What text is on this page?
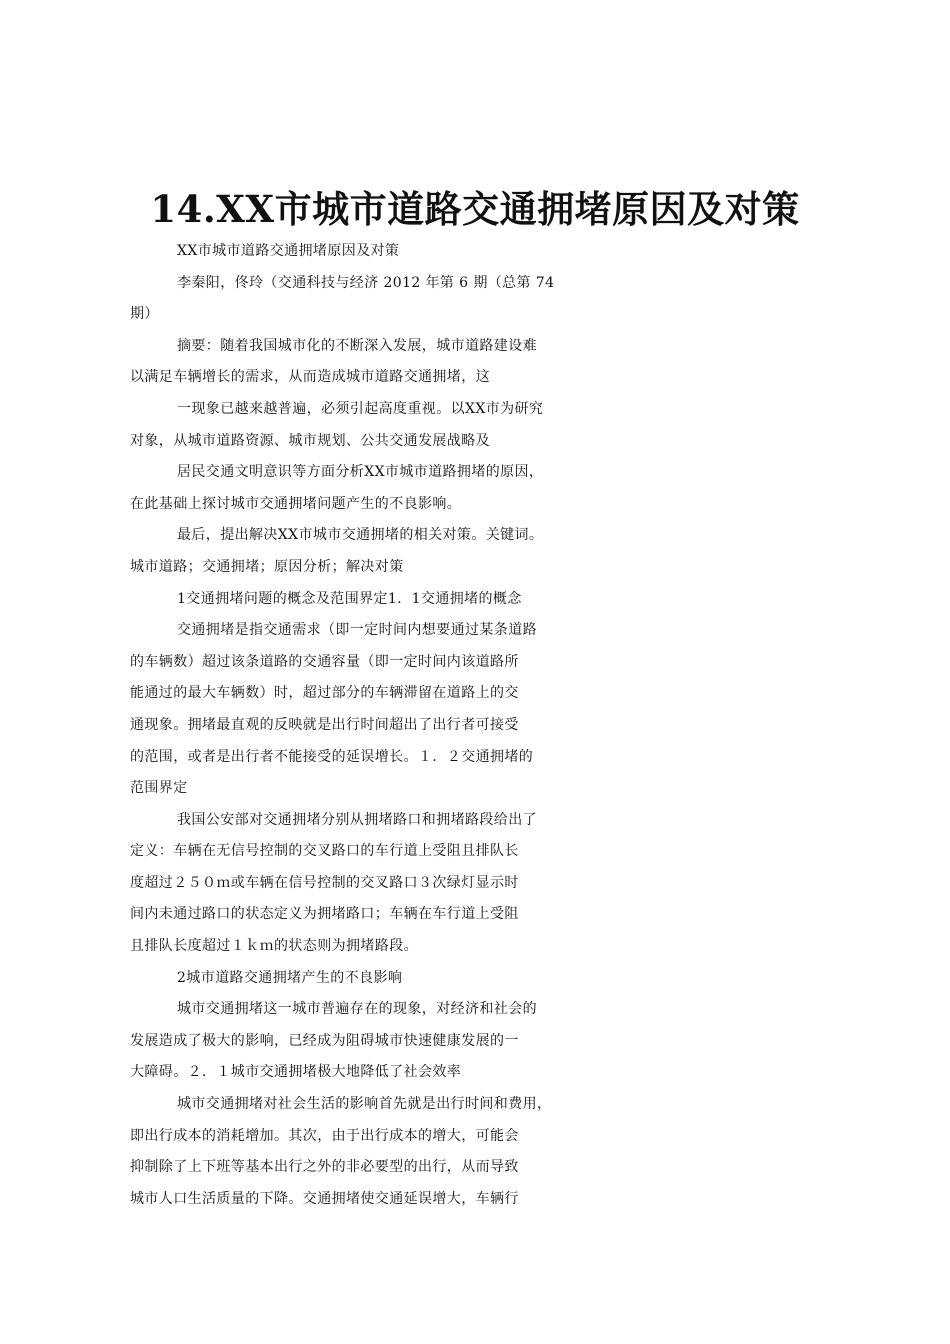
14.XX市城市道路交通拥堵原因及对策
XX市城市道路交通拥堵原因及对策
李秦阳，佟玲（交通科技与经济 2012 年第 6 期（总第 74
期）
摘要：随着我国城市化的不断深入发展，城市道路建设难
以满足车辆增长的需求，从而造成城市道路交通拥堵，这
一现象已越来越普遍，必须引起高度重视。以XX市为研究
对象，从城市道路资源、城市规划、公共交通发展战略及
居民交通文明意识等方面分析XX市城市道路拥堵的原因，
在此基础上探讨城市交通拥堵问题产生的不良影响。
最后，提出解决XX市城市交通拥堵的相关对策。关键词。
城市道路；交通拥堵；原因分析；解决对策
1交通拥堵问题的概念及范围界定1．1交通拥堵的概念
交通拥堵是指交通需求（即一定时间内想要通过某条道路
的车辆数）超过该条道路的交通容量（即一定时间内该道路所
能通过的最大车辆数）时，超过部分的车辆滞留在道路上的交
通现象。拥堵最直观的反映就是出行时间超出了出行者可接受
的范围，或者是出行者不能接受的延误增长。１．２交通拥堵的
范围界定
我国公安部对交通拥堵分别从拥堵路口和拥堵路段给出了
定义：车辆在无信号控制的交叉路口的车行道上受阻且排队长
度超过２５０ｍ或车辆在信号控制的交叉路口３次绿灯显示时
间内未通过路口的状态定义为拥堵路口；车辆在车行道上受阻
且排队长度超过１ｋｍ的状态则为拥堵路段。
2城市道路交通拥堵产生的不良影响
城市交通拥堵这一城市普遍存在的现象，对经济和社会的
发展造成了极大的影响，已经成为阻碍城市快速健康发展的一
大障碍。２．１城市交通拥堵极大地降低了社会效率
城市交通拥堵对社会生活的影响首先就是出行时间和费用，
即出行成本的消耗增加。其次，由于出行成本的增大，可能会
抑制除了上下班等基本出行之外的非必要型的出行，从而导致
城市人口生活质量的下降。交通拥堵使交通延误增大，车辆行
